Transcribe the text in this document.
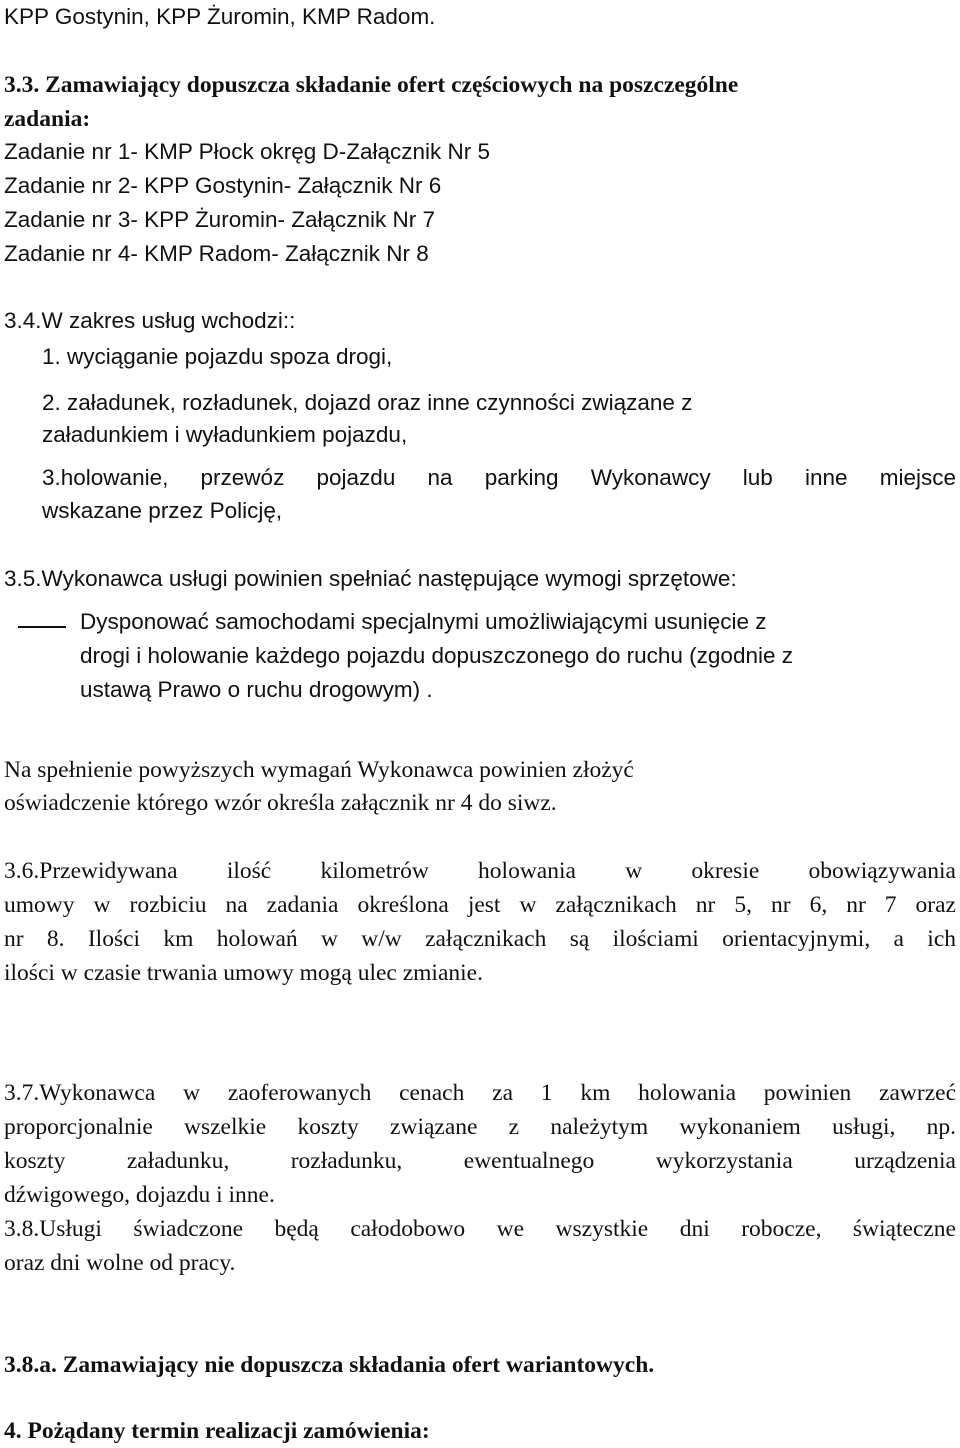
KPP Gostynin, KPP Żuromin, KMP Radom.
3.3. Zamawiający dopuszcza składanie ofert częściowych na poszczególne
zadania:
Zadanie nr 1- KMP Płock okręg D-Załącznik Nr 5
Zadanie nr 2- KPP Gostynin- Załącznik Nr 6
Zadanie nr 3- KPP Żuromin- Załącznik Nr 7
Zadanie nr 4- KMP Radom- Załącznik Nr 8
3.4.W zakres usług wchodzi::
1. wyciąganie pojazdu spoza drogi,
2. załadunek, rozładunek, dojazd oraz inne czynności związane z
załadunkiem i wyładunkiem pojazdu,
3.holowanie, przewóz pojazdu na parking Wykonawcy lub inne miejsce
wskazane przez Policję,
3.5.Wykonawca usługi powinien spełniać następujące wymogi sprzętowe:
Dysponować samochodami specjalnymi umożliwiającymi usunięcie z
drogi i holowanie każdego pojazdu dopuszczonego do ruchu (zgodnie z
ustawą Prawo o ruchu drogowym) .
Na spełnienie powyższych wymagań Wykonawca powinien złożyć
oświadczenie którego wzór określa załącznik nr 4 do siwz.
3.6.Przewidywana ilość kilometrów holowania w okresie obowiązywania
umowy w rozbiciu na zadania określona jest w załącznikach nr 5, nr 6, nr 7 oraz
nr 8. Ilości km holowań w w/w załącznikach są ilościami orientacyjnymi, a ich
ilości w czasie trwania umowy mogą ulec zmianie.
3.7.Wykonawca w zaoferowanych cenach za 1 km holowania powinien zawrzeć
proporcjonalnie wszelkie koszty związane z należytym wykonaniem usługi, np.
koszty załadunku, rozładunku, ewentualnego wykorzystania urządzenia
dźwigowego, dojazdu i inne.
3.8.Usługi świadczone będą całodobowo we wszystkie dni robocze, świąteczne
oraz dni wolne od pracy.
3.8.a. Zamawiający nie dopuszcza składania ofert wariantowych.
4. Pożądany termin realizacji zamówienia:
